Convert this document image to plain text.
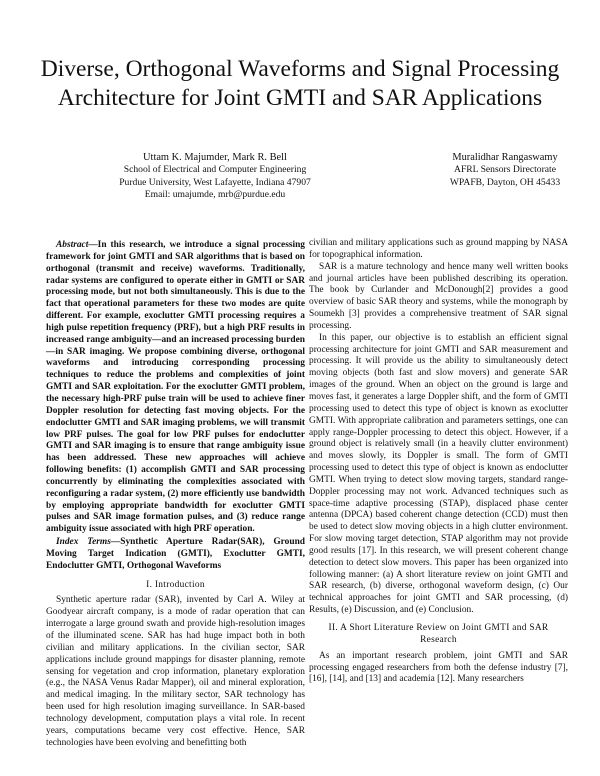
Diverse, Orthogonal Waveforms and Signal Processing Architecture for Joint GMTI and SAR Applications
Uttam K. Majumder, Mark R. Bell
School of Electrical and Computer Engineering
Purdue University, West Lafayette, Indiana 47907
Email: umajumde, mrb@purdue.edu
Muralidhar Rangaswamy
AFRL Sensors Directorate
WPAFB, Dayton, OH 45433

Abstract—In this research, we introduce a signal processing framework for joint GMTI and SAR algorithms that is based on orthogonal (transmit and receive) waveforms. Traditionally, radar systems are configured to operate either in GMTI or SAR processing mode, but not both simultaneously. This is due to the fact that operational parameters for these two modes are quite different. For example, exoclutter GMTI processing requires a high pulse repetition frequency (PRF), but a high PRF results in increased range ambiguity—and an increased processing burden—in SAR imaging. We propose combining diverse, orthogonal waveforms and introducing corresponding processing techniques to reduce the problems and complexities of joint GMTI and SAR exploitation. For the exoclutter GMTI problem, the necessary high-PRF pulse train will be used to achieve finer Doppler resolution for detecting fast moving objects. For the endoclutter GMTI and SAR imaging problems, we will transmit low PRF pulses. The goal for low PRF pulses for endoclutter GMTI and SAR imaging is to ensure that range ambiguity issue has been addressed. These new approaches will achieve following benefits: (1) accomplish GMTI and SAR processing concurrently by eliminating the complexities associated with reconfiguring a radar system, (2) more efficiently use bandwidth by employing appropriate bandwidth for exoclutter GMTI pulses and SAR image formation pulses, and (3) reduce range ambiguity issue associated with high PRF operation.

Index Terms—Synthetic Aperture Radar(SAR), Ground Moving Target Indication (GMTI), Exoclutter GMTI, Endoclutter GMTI, Orthogonal Waveforms

I. Introduction

Synthetic aperture radar (SAR), invented by Carl A. Wiley at Goodyear aircraft company, is a mode of radar operation that can interrogate a large ground swath and provide high-resolution images of the illuminated scene. SAR has had huge impact both in both civilian and military applications. In the civilian sector, SAR applications include ground mappings for disaster planning, remote sensing for vegetation and crop information, planetary exploration (e.g., the NASA Venus Radar Mapper), oil and mineral exploration, and medical imaging. In the military sector, SAR technology has been used for high resolution imaging surveillance. In SAR-based technology development, computation plays a vital role. In recent years, computations became very cost effective. Hence, SAR technologies have been evolving and benefitting both

civilian and military applications such as ground mapping by NASA for topographical information.

SAR is a mature technology and hence many well written books and journal articles have been published describing its operation. The book by Curlander and McDonough[2] provides a good overview of basic SAR theory and systems, while the monograph by Soumekh [3] provides a comprehensive treatment of SAR signal processing.

In this paper, our objective is to establish an efficient signal processing architecture for joint GMTI and SAR measurement and processing. It will provide us the ability to simultaneously detect moving objects (both fast and slow movers) and generate SAR images of the ground. When an object on the ground is large and moves fast, it generates a large Doppler shift, and the form of GMTI processing used to detect this type of object is known as exoclutter GMTI. With appropriate calibration and parameters settings, one can apply range-Doppler processing to detect this object. However, if a ground object is relatively small (in a heavily clutter environment) and moves slowly, its Doppler is small. The form of GMTI processing used to detect this type of object is known as endoclutter GMTI. When trying to detect slow moving targets, standard range-Doppler processing may not work. Advanced techniques such as space-time adaptive processing (STAP), displaced phase center antenna (DPCA) based coherent change detection (CCD) must then be used to detect slow moving objects in a high clutter environment. For slow moving target detection, STAP algorithm may not provide good results [17]. In this research, we will present coherent change detection to detect slow movers. This paper has been organized into following manner: (a) A short literature review on joint GMTI and SAR research, (b) diverse, orthogonal waveform design, (c) Our technical approaches for joint GMTI and SAR processing, (d) Results, (e) Discussion, and (e) Conclusion.

II. A Short Literature Review on Joint GMTI and SAR Research

As an important research problem, joint GMTI and SAR processing engaged researchers from both the defense industry [7], [16], [14], and [13] and academia [12]. Many researchers
